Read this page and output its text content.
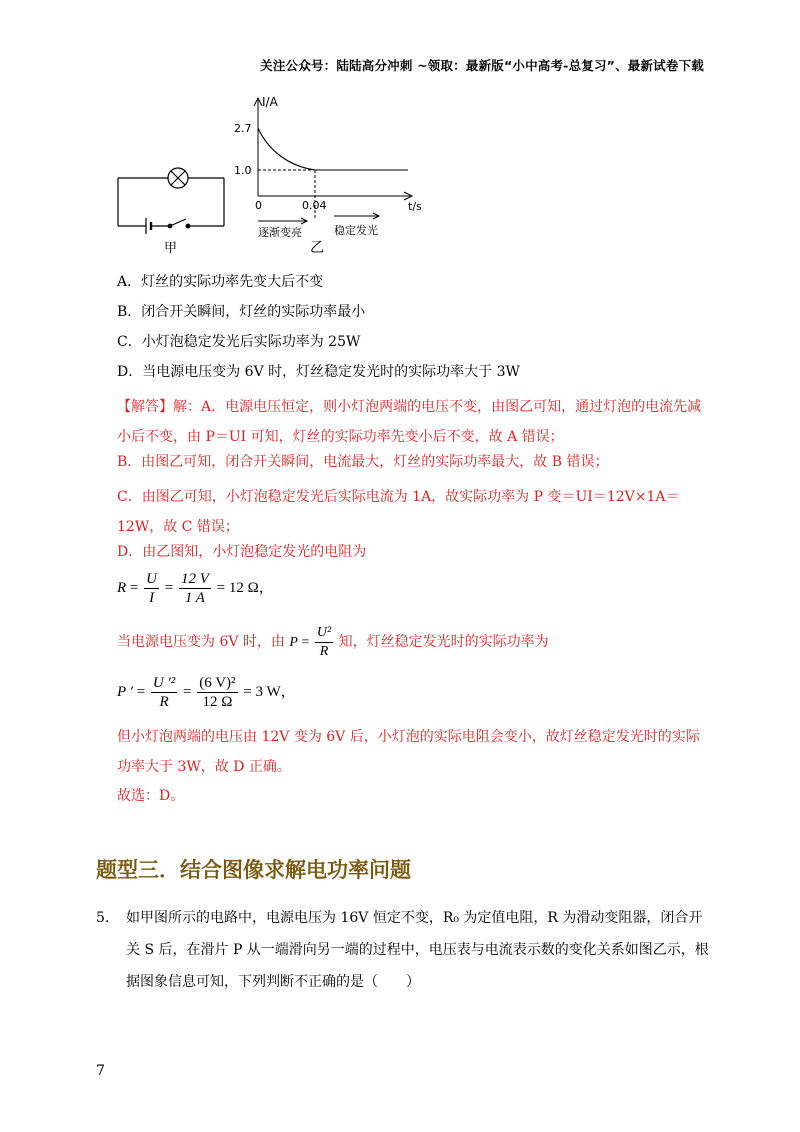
关注公众号：陆陆高分冲刺 ~领取：最新版“小中高考-总复习”、最新试卷下载
甲
I/A
t/s
2.7
1.0
0	0.04
逐渐变亮	稳定发光
乙
A．灯丝的实际功率先变大后不变
B．闭合开关瞬间，灯丝的实际功率最小
C．小灯泡稳定发光后实际功率为 25W
D．当电源电压变为 6V 时，灯丝稳定发光时的实际功率大于 3W
【解答】解：A．电源电压恒定，则小灯泡两端的电压不变，由图乙可知，通过灯泡的电流先减小后不变，由 P＝UI 可知，灯丝的实际功率先变小后不变，故 A 错误；
B．由图乙可知，闭合开关瞬间，电流最大，灯丝的实际功率最大，故 B 错误；
C．由图乙可知，小灯泡稳定发光后实际电流为 1A，故实际功率为 P 变＝UI＝12V×1A＝12W，故 C 错误；
D．由乙图知，小灯泡稳定发光的电阻为
$R = \frac{U}{I} = \frac{12 V}{1 A} = 12$ Ω，
当电源电压变为 6V 时，由 $P = \frac{\text{U²}}{R}$ 知，灯丝稳定发光时的实际功率为
P ′ = $\frac{\text{U ′²}}{R} = \frac{\text{(6 V)²}}{12 \Omega} = 3$ W，
但小灯泡两端的电压由 12V 变为 6V 后，小灯泡的实际电阻会变小，故灯丝稳定发光时的实际功率大于 3W，故 D 正确。
故选：D。
题型三．结合图像求解电功率问题
5. 如甲图所示的电路中，电源电压为 16V 恒定不变，R₀ 为定值电阻，R 为滑动变阻器，闭合开关 S 后，在滑片 P 从一端滑向另一端的过程中，电压表与电流表示数的变化关系如图乙示，根据图象信息可知，下列判断不正确的是（　　）
7
